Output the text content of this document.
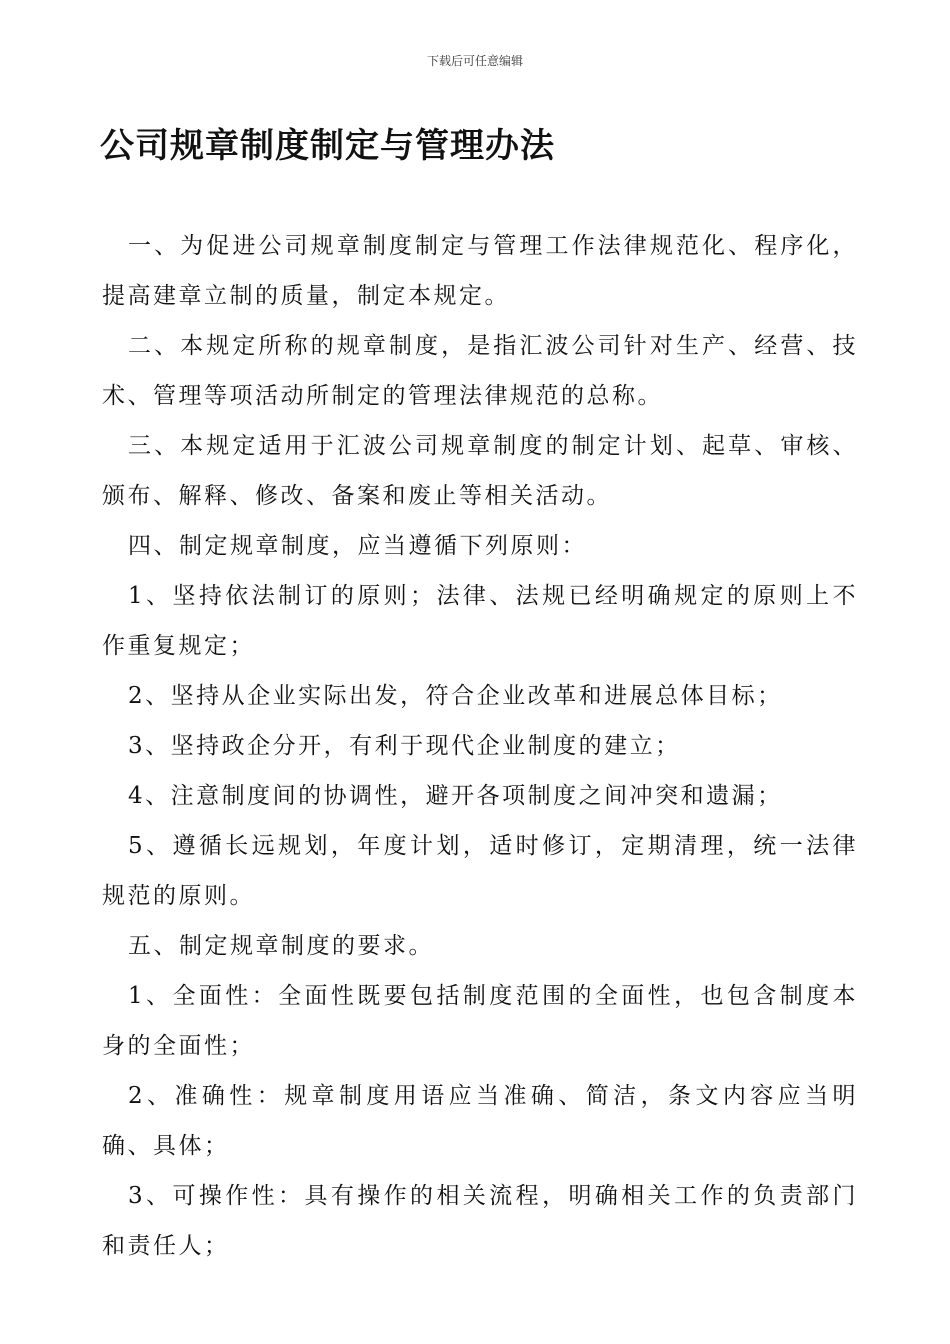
下载后可任意编辑
公司规章制度制定与管理办法

一、为促进公司规章制度制定与管理工作法律规范化、程序化，提高建章立制的质量，制定本规定。

二、本规定所称的规章制度，是指汇波公司针对生产、经营、技术、管理等项活动所制定的管理法律规范的总称。

三、本规定适用于汇波公司规章制度的制定计划、起草、审核、颁布、解释、修改、备案和废止等相关活动。

四、制定规章制度，应当遵循下列原则：

1、坚持依法制订的原则；法律、法规已经明确规定的原则上不作重复规定；

2、坚持从企业实际出发，符合企业改革和进展总体目标；

3、坚持政企分开，有利于现代企业制度的建立；

4、注意制度间的协调性，避开各项制度之间冲突和遗漏；

5、遵循长远规划，年度计划，适时修订，定期清理，统一法律规范的原则。

五、制定规章制度的要求。

1、全面性：全面性既要包括制度范围的全面性，也包含制度本身的全面性；

2、准确性：规章制度用语应当准确、简洁，条文内容应当明确、具体；

3、可操作性：具有操作的相关流程，明确相关工作的负责部门和责任人；
